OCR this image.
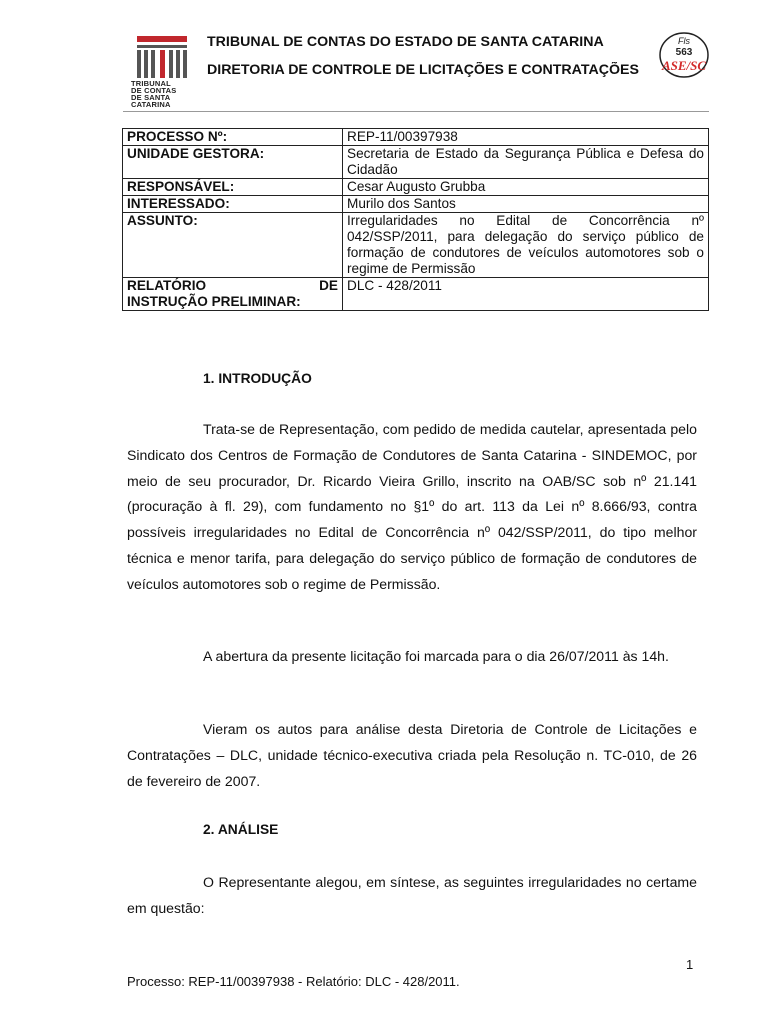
TRIBUNAL
DE CONTAS
DE SANTA
CATARINA
TRIBUNAL DE CONTAS DO ESTADO DE SANTA CATARINA
DIRETORIA DE CONTROLE DE LICITAÇÕES E CONTRATAÇÕES
Fls
563
ASE/SC
PROCESSO Nº:	REP-11/00397938
UNIDADE GESTORA:	Secretaria de Estado da Segurança Pública e Defesa do Cidadão
RESPONSÁVEL:	Cesar Augusto Grubba
INTERESSADO:	Murilo dos Santos
ASSUNTO:	Irregularidades no Edital de Concorrência nº 042/SSP/2011, para delegação do serviço público de formação de condutores de veículos automotores sob o regime de Permissão

RELATÓRIO DE
INSTRUÇÃO PRELIMINAR:	DLC - 428/2011
1. INTRODUÇÃO
Trata-se de Representação, com pedido de medida cautelar, apresentada pelo Sindicato dos Centros de Formação de Condutores de Santa Catarina - SINDEMOC, por meio de seu procurador, Dr. Ricardo Vieira Grillo, inscrito na OAB/SC sob nº 21.141 (procuração à fl. 29), com fundamento no §1º do art. 113 da Lei nº 8.666/93, contra possíveis irregularidades no Edital de Concorrência nº 042/SSP/2011, do tipo melhor técnica e menor tarifa, para delegação do serviço público de formação de condutores de veículos automotores sob o regime de Permissão.
A abertura da presente licitação foi marcada para o dia 26/07/2011 às 14h.
Vieram os autos para análise desta Diretoria de Controle de Licitações e Contratações – DLC, unidade técnico-executiva criada pela Resolução n. TC-010, de 26 de fevereiro de 2007.
2. ANÁLISE
O Representante alegou, em síntese, as seguintes irregularidades no certame em questão:
1
Processo: REP-11/00397938 - Relatório: DLC - 428/2011.
